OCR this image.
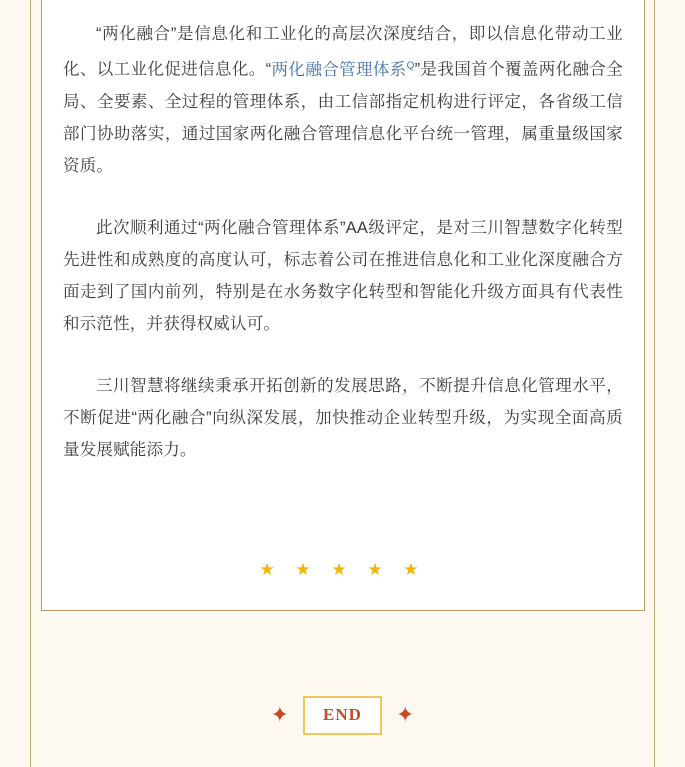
“两化融合”是信息化和工业化的高层次深度结合，即以信息化带动工业化、以工业化促进信息化。“两化融合管理体系$^Q$”是我国首个覆盖两化融合全局、全要素、全过程的管理体系，由工信部指定机构进行评定，各省级工信部门协助落实，通过国家两化融合管理信息化平台统一管理，属重量级国家资质。

此次顺利通过“两化融合管理体系”AA级评定，是对三川智慧数字化转型先进性和成熟度的高度认可，标志着公司在推进信息化和工业化深度融合方面走到了国内前列，特别是在水务数字化转型和智能化升级方面具有代表性和示范性，并获得权威认可。

三川智慧将继续秉承开拓创新的发展思路，不断提升信息化管理水平，不断促进“两化融合”向纵深发展，加快推动企业转型升级，为实现全面高质量发展赋能添力。

★ ★ ★ ★ ★
✦	END	✦
